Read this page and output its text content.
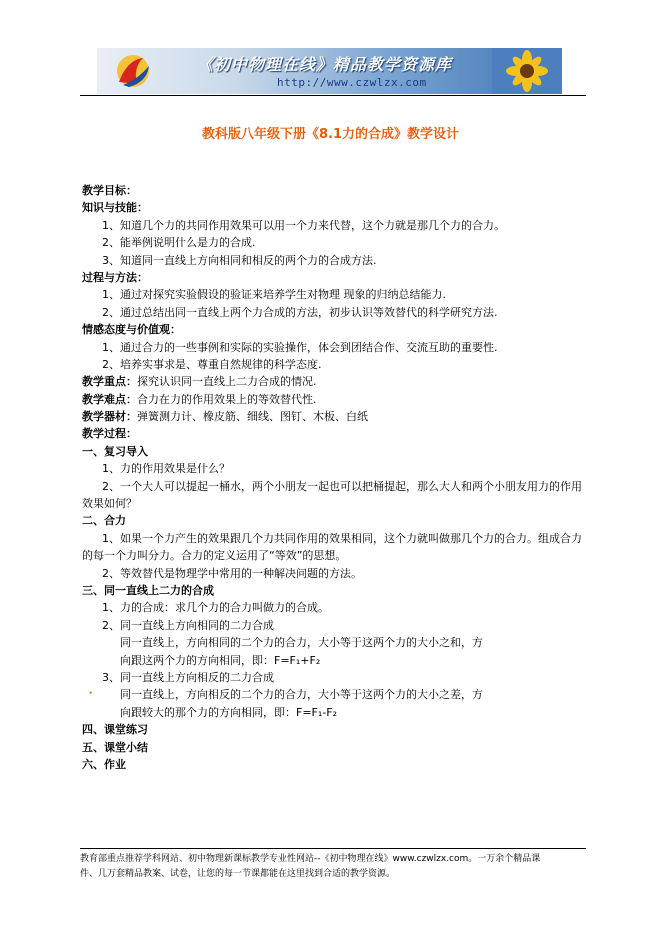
《初中物理在线》精品教学资源库
http://www.czwlzx.com
教科版八年级下册《8.1力的合成》教学设计
教学目标：
知识与技能：
1、知道几个力的共同作用效果可以用一个力来代替，这个力就是那几个力的合力。
2、能举例说明什么是力的合成.
3、知道同一直线上方向相同和相反的两个力的合成方法.
过程与方法：
1、通过对探究实验假设的验证来培养学生对物理 现象的归纳总结能力.
2、通过总结出同一直线上两个力合成的方法，初步认识等效替代的科学研究方法.
情感态度与价值观：
1、通过合力的一些事例和实际的实验操作，体会到团结合作、交流互助的重要性.
2、培养实事求是、尊重自然规律的科学态度.
教学重点：探究认识同一直线上二力合成的情况.
教学难点：合力在力的作用效果上的等效替代性.
教学器材：弹簧测力计、橡皮筋、细线、图钉、木板、白纸
教学过程：
一、复习导入
1、力的作用效果是什么？
2、一个大人可以提起一桶水，两个小朋友一起也可以把桶提起，那么大人和两个小朋友用力的作用效果如何？
二、合力
1、如果一个力产生的效果跟几个力共同作用的效果相同，这个力就叫做那几个力的合力。组成合力的每一个力叫分力。合力的定义运用了“等效”的思想。
2、等效替代是物理学中常用的一种解决问题的方法。
三、同一直线上二力的合成
1、力的合成：求几个力的合力叫做力的合成。
2、同一直线上方向相同的二力合成
同一直线上，方向相同的二个力的合力，大小等于这两个力的大小之和，方
向跟这两个力的方向相同，即：F=F₁+F₂
3、同一直线上方向相反的二力合成
• 同一直线上，方向相反的二个力的合力，大小等于这两个力的大小之差，方
向跟较大的那个力的方向相同，即：F=F₁-F₂
四、课堂练习
五、课堂小结
六、作业
教育部重点推荐学科网站、初中物理新课标教学专业性网站--《初中物理在线》www.czwlzx.com。一万余个精品课
件、几万套精品教案、试卷，让您的每一节课都能在这里找到合适的教学资源。
